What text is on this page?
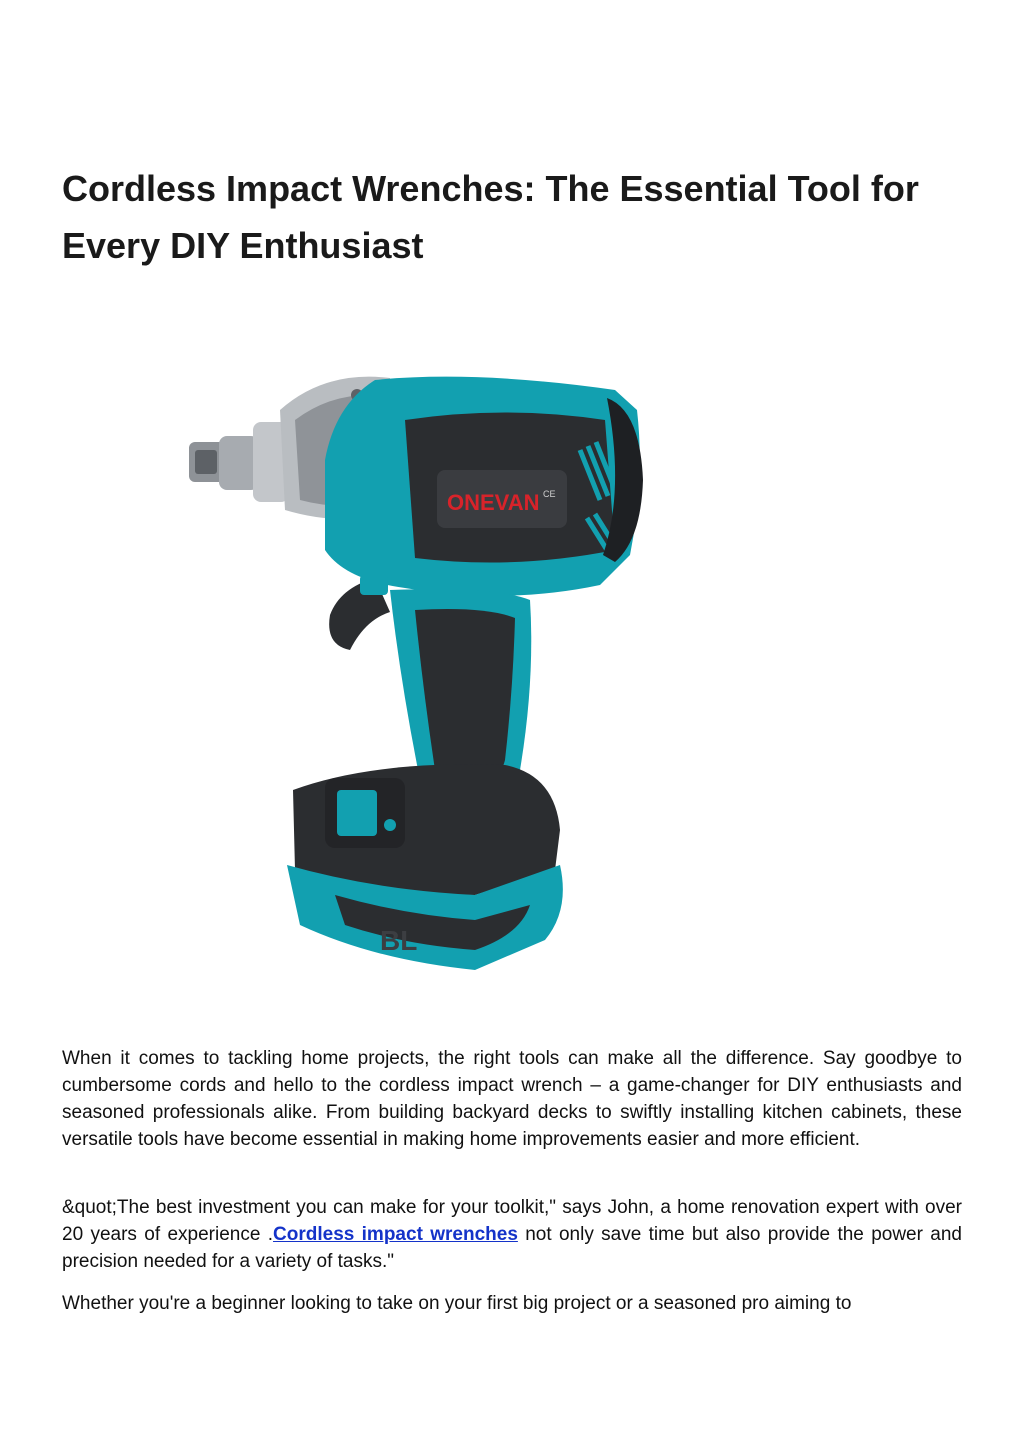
Cordless Impact Wrenches: The Essential Tool for Every DIY Enthusiast
ONEVAN CE
BL

When it comes to tackling home projects, the right tools can make all the difference. Say goodbye to cumbersome cords and hello to the cordless impact wrench – a game-changer for DIY enthusiasts and seasoned professionals alike. From building backyard decks to swiftly installing kitchen cabinets, these versatile tools have become essential in making home improvements easier and more efficient.

&quot;The best investment you can make for your toolkit," says John, a home renovation expert with over 20 years of experience .Cordless impact wrenches not only save time but also provide the power and precision needed for a variety of tasks."

Whether you're a beginner looking to take on your first big project or a seasoned pro aiming to
